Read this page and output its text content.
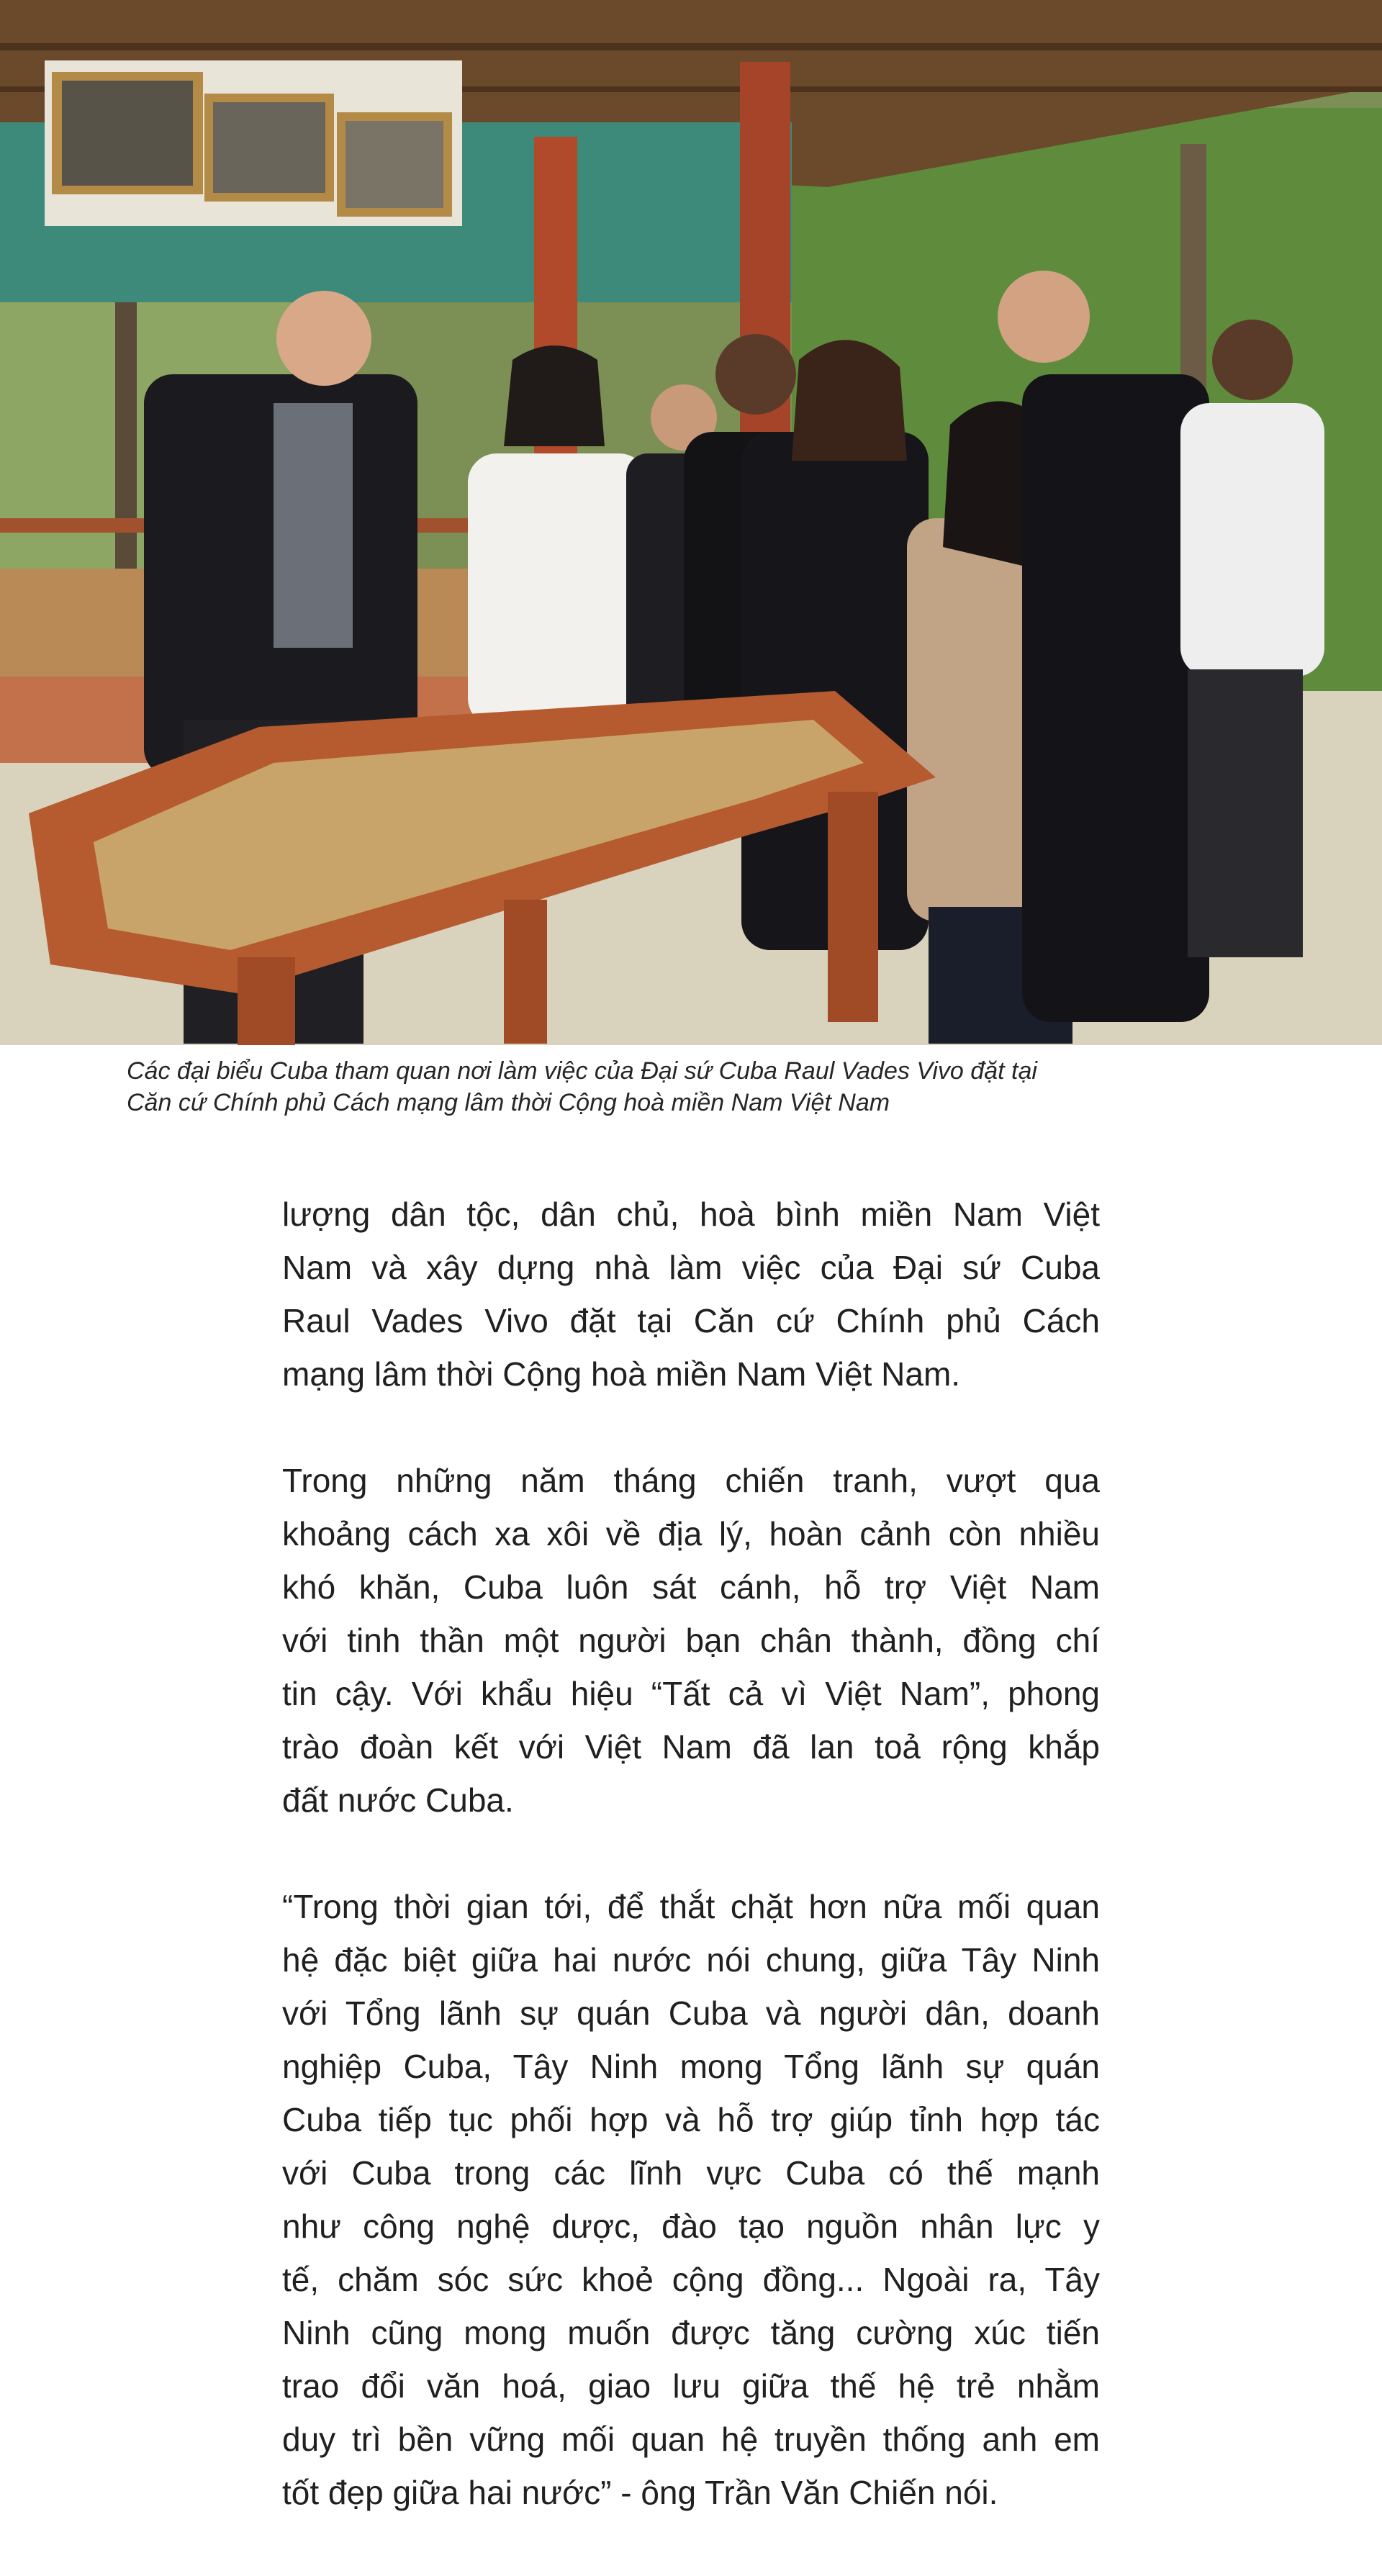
Các đại biểu Cuba tham quan nơi làm việc của Đại sứ Cuba Raul Vades Vivo đặt tại
Căn cứ Chính phủ Cách mạng lâm thời Cộng hoà miền Nam Việt Nam
lượng dân tộc, dân chủ, hoà bình miền Nam Việt
Nam và xây dựng nhà làm việc của Đại sứ Cuba
Raul Vades Vivo đặt tại Căn cứ Chính phủ Cách
mạng lâm thời Cộng hoà miền Nam Việt Nam.
Trong những năm tháng chiến tranh, vượt qua
khoảng cách xa xôi về địa lý, hoàn cảnh còn nhiều
khó khăn, Cuba luôn sát cánh, hỗ trợ Việt Nam
với tinh thần một người bạn chân thành, đồng chí
tin cậy. Với khẩu hiệu “Tất cả vì Việt Nam”, phong
trào đoàn kết với Việt Nam đã lan toả rộng khắp
đất nước Cuba.
“Trong thời gian tới, để thắt chặt hơn nữa mối quan
hệ đặc biệt giữa hai nước nói chung, giữa Tây Ninh
với Tổng lãnh sự quán Cuba và người dân, doanh
nghiệp Cuba, Tây Ninh mong Tổng lãnh sự quán
Cuba tiếp tục phối hợp và hỗ trợ giúp tỉnh hợp tác
với Cuba trong các lĩnh vực Cuba có thế mạnh
như công nghệ dược, đào tạo nguồn nhân lực y
tế, chăm sóc sức khoẻ cộng đồng... Ngoài ra, Tây
Ninh cũng mong muốn được tăng cường xúc tiến
trao đổi văn hoá, giao lưu giữa thế hệ trẻ nhằm
duy trì bền vững mối quan hệ truyền thống anh em
tốt đẹp giữa hai nước” - ông Trần Văn Chiến nói.
